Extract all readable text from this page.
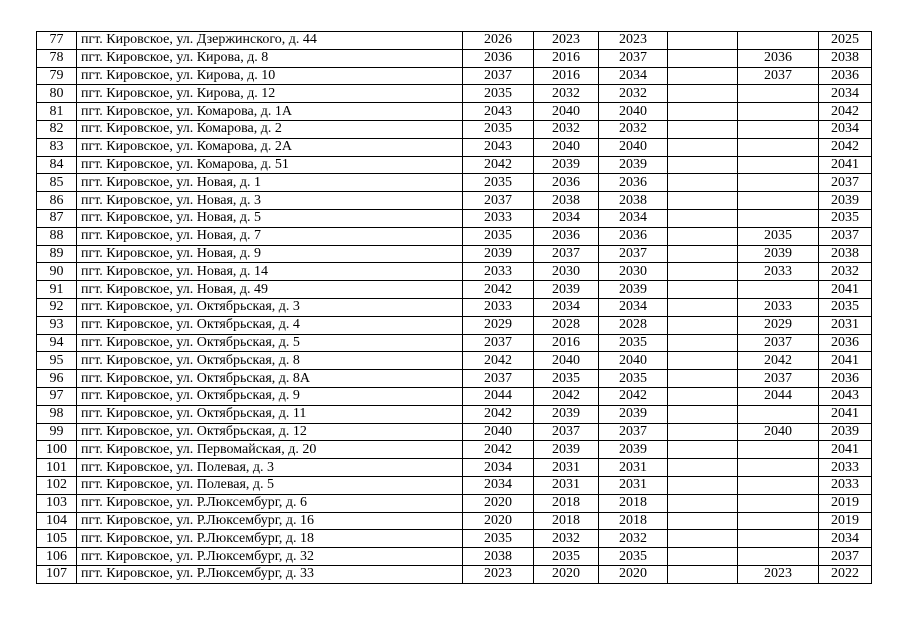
77	пгт. Кировское, ул. Дзержинского, д. 44	2026	2023	2023			2025
78	пгт. Кировское, ул. Кирова, д. 8	2036	2016	2037		2036	2038
79	пгт. Кировское, ул. Кирова, д. 10	2037	2016	2034		2037	2036
80	пгт. Кировское, ул. Кирова, д. 12	2035	2032	2032			2034
81	пгт. Кировское, ул. Комарова, д. 1А	2043	2040	2040			2042
82	пгт. Кировское, ул. Комарова, д. 2	2035	2032	2032			2034
83	пгт. Кировское, ул. Комарова, д. 2А	2043	2040	2040			2042
84	пгт. Кировское, ул. Комарова, д. 51	2042	2039	2039			2041
85	пгт. Кировское, ул. Новая, д. 1	2035	2036	2036			2037
86	пгт. Кировское, ул. Новая, д. 3	2037	2038	2038			2039
87	пгт. Кировское, ул. Новая, д. 5	2033	2034	2034			2035
88	пгт. Кировское, ул. Новая, д. 7	2035	2036	2036		2035	2037
89	пгт. Кировское, ул. Новая, д. 9	2039	2037	2037		2039	2038
90	пгт. Кировское, ул. Новая, д. 14	2033	2030	2030		2033	2032
91	пгт. Кировское, ул. Новая, д. 49	2042	2039	2039			2041
92	пгт. Кировское, ул. Октябрьская, д. 3	2033	2034	2034		2033	2035
93	пгт. Кировское, ул. Октябрьская, д. 4	2029	2028	2028		2029	2031
94	пгт. Кировское, ул. Октябрьская, д. 5	2037	2016	2035		2037	2036
95	пгт. Кировское, ул. Октябрьская, д. 8	2042	2040	2040		2042	2041
96	пгт. Кировское, ул. Октябрьская, д. 8А	2037	2035	2035		2037	2036
97	пгт. Кировское, ул. Октябрьская, д. 9	2044	2042	2042		2044	2043
98	пгт. Кировское, ул. Октябрьская, д. 11	2042	2039	2039			2041
99	пгт. Кировское, ул. Октябрьская, д. 12	2040	2037	2037		2040	2039
100	пгт. Кировское, ул. Первомайская, д. 20	2042	2039	2039			2041
101	пгт. Кировское, ул. Полевая, д. 3	2034	2031	2031			2033
102	пгт. Кировское, ул. Полевая, д. 5	2034	2031	2031			2033
103	пгт. Кировское, ул. Р.Люксембург, д. 6	2020	2018	2018			2019
104	пгт. Кировское, ул. Р.Люксембург, д. 16	2020	2018	2018			2019
105	пгт. Кировское, ул. Р.Люксембург, д. 18	2035	2032	2032			2034
106	пгт. Кировское, ул. Р.Люксембург, д. 32	2038	2035	2035			2037
107	пгт. Кировское, ул. Р.Люксембург, д. 33	2023	2020	2020		2023	2022
